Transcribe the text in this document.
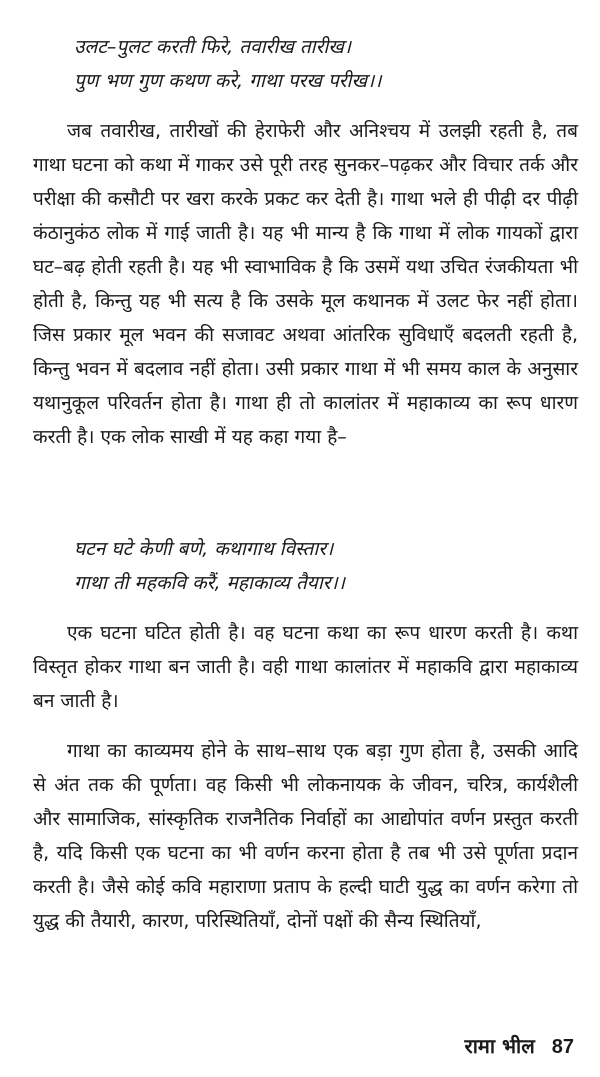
उलट–पुलट करती फिरे, तवारीख तारीख।
पुण भण गुण कथण करे, गाथा परख परीख।।

जब तवारीख, तारीखों की हेराफेरी और अनिश्चय में उलझी रहती है, तब गाथा घटना को कथा में गाकर उसे पूरी तरह सुनकर–पढ़कर और विचार तर्क और परीक्षा की कसौटी पर खरा करके प्रकट कर देती है। गाथा भले ही पीढ़ी दर पीढ़ी कंठानुकंठ लोक में गाई जाती है। यह भी मान्य है कि गाथा में लोक गायकों द्वारा घट–बढ़ होती रहती है। यह भी स्वाभाविक है कि उसमें यथा उचित रंजकीयता भी होती है, किन्तु यह भी सत्य है कि उसके मूल कथानक में उलट फेर नहीं होता। जिस प्रकार मूल भवन की सजावट अथवा आंतरिक सुविधाएँ बदलती रहती है, किन्तु भवन में बदलाव नहीं होता। उसी प्रकार गाथा में भी समय काल के अनुसार यथानुकूल परिवर्तन होता है। गाथा ही तो कालांतर में महाकाव्य का रूप धारण करती है। एक लोक साखी में यह कहा गया है–

घटन घटे केणी बणे, कथागाथ विस्तार।
गाथा ती महकवि करैं, महाकाव्य तैयार।।

एक घटना घटित होती है। वह घटना कथा का रूप धारण करती है। कथा विस्तृत होकर गाथा बन जाती है। वही गाथा कालांतर में महाकवि द्वारा महाकाव्य बन जाती है।

गाथा का काव्यमय होने के साथ–साथ एक बड़ा गुण होता है, उसकी आदि से अंत तक की पूर्णता। वह किसी भी लोकनायक के जीवन, चरित्र, कार्यशैली और सामाजिक, सांस्कृतिक राजनैतिक निर्वाहों का आद्योपांत वर्णन प्रस्तुत करती है, यदि किसी एक घटना का भी वर्णन करना होता है तब भी उसे पूर्णता प्रदान करती है। जैसे कोई कवि महाराणा प्रताप के हल्दी घाटी युद्ध का वर्णन करेगा तो युद्ध की तैयारी, कारण, परिस्थितियाँ, दोनों पक्षों की सैन्य स्थितियाँ,

रामा भील 87
